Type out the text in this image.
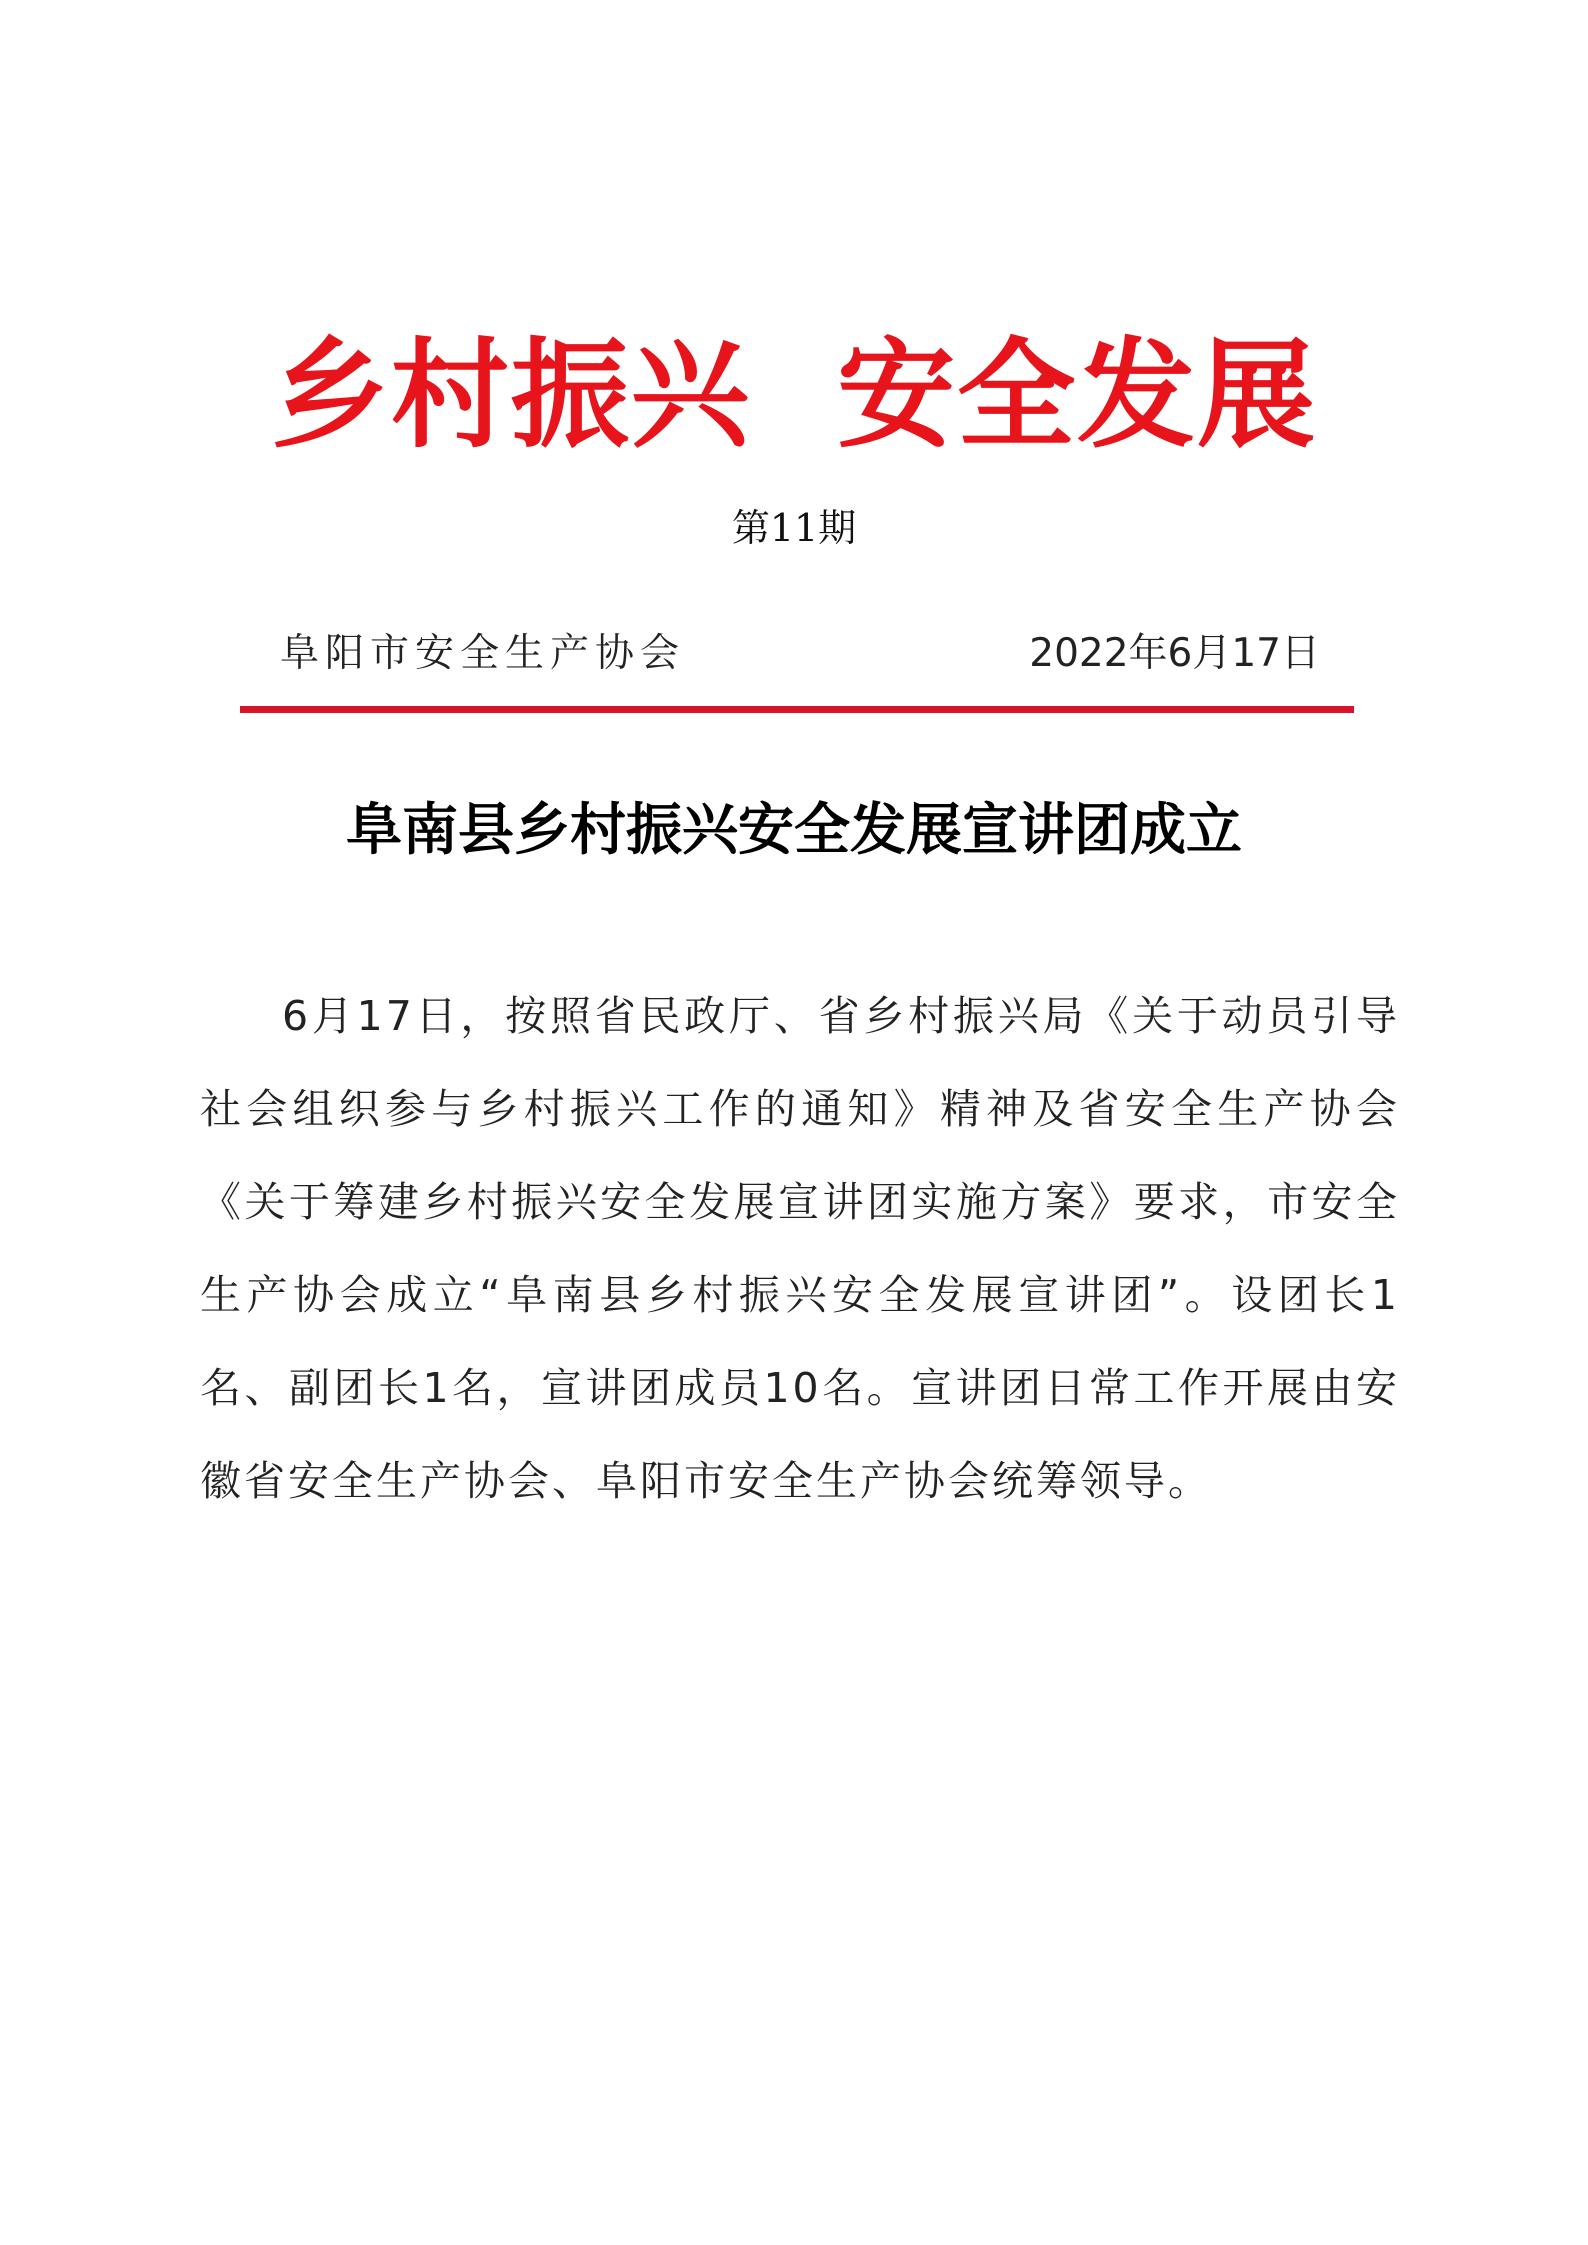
乡村振兴  安全发展
第11期
阜阳市安全生产协会	2022年6月17日
阜南县乡村振兴安全发展宣讲团成立

6月17日，按照省民政厅、省乡村振兴局《关于动员引导社会组织参与乡村振兴工作的通知》精神及省安全生产协会《关于筹建乡村振兴安全发展宣讲团实施方案》要求，市安全生产协会成立“阜南县乡村振兴安全发展宣讲团”。设团长1名、副团长1名，宣讲团成员10名。宣讲团日常工作开展由安徽省安全生产协会、阜阳市安全生产协会统筹领导。
